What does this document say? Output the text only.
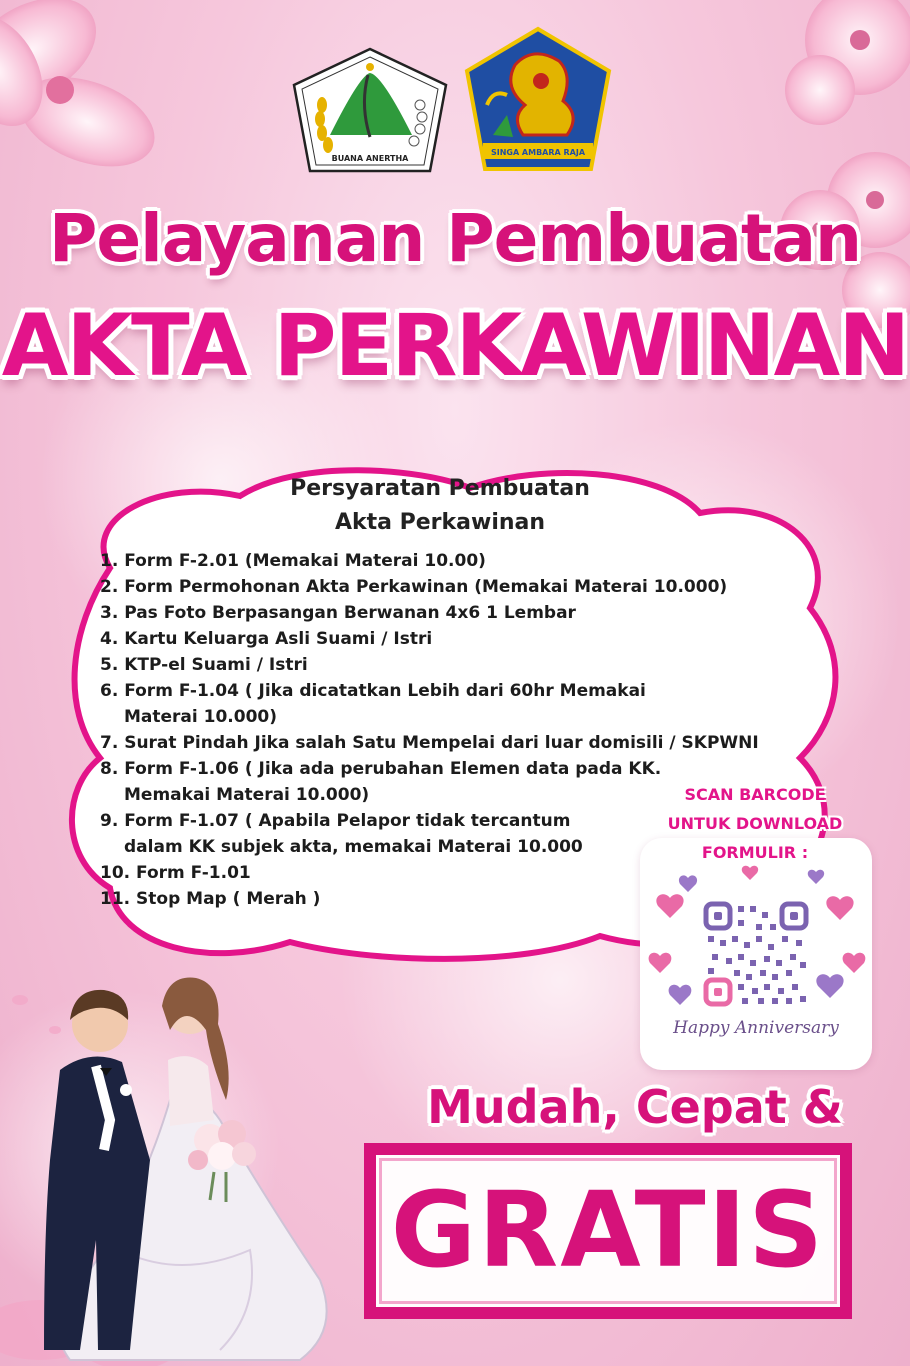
BUANA ANERTHA
SINGA AMBARA RAJA
Pelayanan Pembuatan
AKTA PERKAWINAN
Persyaratan Pembuatan
Akta Perkawinan
1. Form F-2.01 (Memakai Materai 10.00)
2. Form Permohonan Akta Perkawinan (Memakai Materai 10.000)
3. Pas Foto Berpasangan Berwanan 4x6 1 Lembar
4. Kartu Keluarga Asli Suami / Istri
5. KTP-el Suami / Istri
6. Form F-1.04 ( Jika dicatatkan Lebih dari 60hr Memakai
Materai 10.000)
7. Surat Pindah Jika salah Satu Mempelai dari luar domisili / SKPWNI
8. Form F-1.06 ( Jika ada perubahan Elemen data pada KK.
Memakai Materai 10.000)
9. Form F-1.07 ( Apabila Pelapor tidak tercantum
dalam KK subjek akta, memakai Materai 10.000
10. Form F-1.01
11. Stop Map ( Merah )
Happy Anniversary
SCAN BARCODE
UNTUK DOWNLOAD
FORMULIR :
Mudah, Cepat &
GRATIS
